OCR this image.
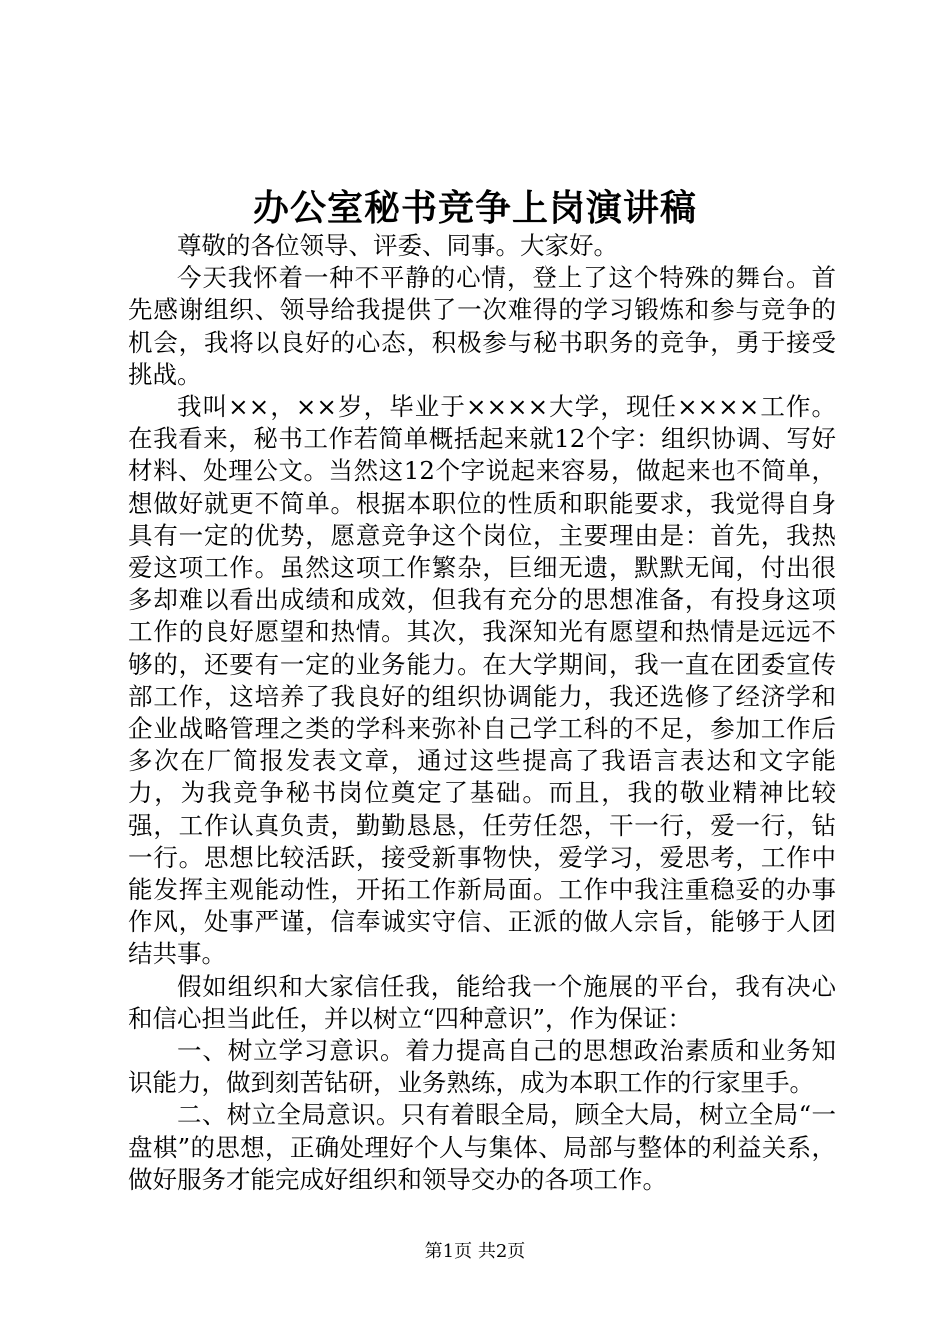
办公室秘书竞争上岗演讲稿

尊敬的各位领导、评委、同事。大家好。

今天我怀着一种不平静的心情，登上了这个特殊的舞台。首先感谢组织、领导给我提供了一次难得的学习锻炼和参与竞争的机会，我将以良好的心态，积极参与秘书职务的竞争，勇于接受挑战。

我叫××，××岁，毕业于××××大学，现任××××工作。在我看来，秘书工作若简单概括起来就12个字：组织协调、写好材料、处理公文。当然这12个字说起来容易，做起来也不简单，想做好就更不简单。根据本职位的性质和职能要求，我觉得自身具有一定的优势，愿意竞争这个岗位，主要理由是：首先，我热爱这项工作。虽然这项工作繁杂，巨细无遗，默默无闻，付出很多却难以看出成绩和成效，但我有充分的思想准备，有投身这项工作的良好愿望和热情。其次，我深知光有愿望和热情是远远不够的，还要有一定的业务能力。在大学期间，我一直在团委宣传部工作，这培养了我良好的组织协调能力，我还选修了经济学和企业战略管理之类的学科来弥补自己学工科的不足，参加工作后多次在厂简报发表文章，通过这些提高了我语言表达和文字能力，为我竞争秘书岗位奠定了基础。而且，我的敬业精神比较强，工作认真负责，勤勤恳恳，任劳任怨，干一行，爱一行，钻一行。思想比较活跃，接受新事物快，爱学习，爱思考，工作中能发挥主观能动性，开拓工作新局面。工作中我注重稳妥的办事作风，处事严谨，信奉诚实守信、正派的做人宗旨，能够于人团结共事。

假如组织和大家信任我，能给我一个施展的平台，我有决心和信心担当此任，并以树立“四种意识”，作为保证：

一、树立学习意识。着力提高自己的思想政治素质和业务知识能力，做到刻苦钻研，业务熟练，成为本职工作的行家里手。

二、树立全局意识。只有着眼全局，顾全大局，树立全局“一盘棋”的思想，正确处理好个人与集体、局部与整体的利益关系，做好服务才能完成好组织和领导交办的各项工作。

第1页 共2页
